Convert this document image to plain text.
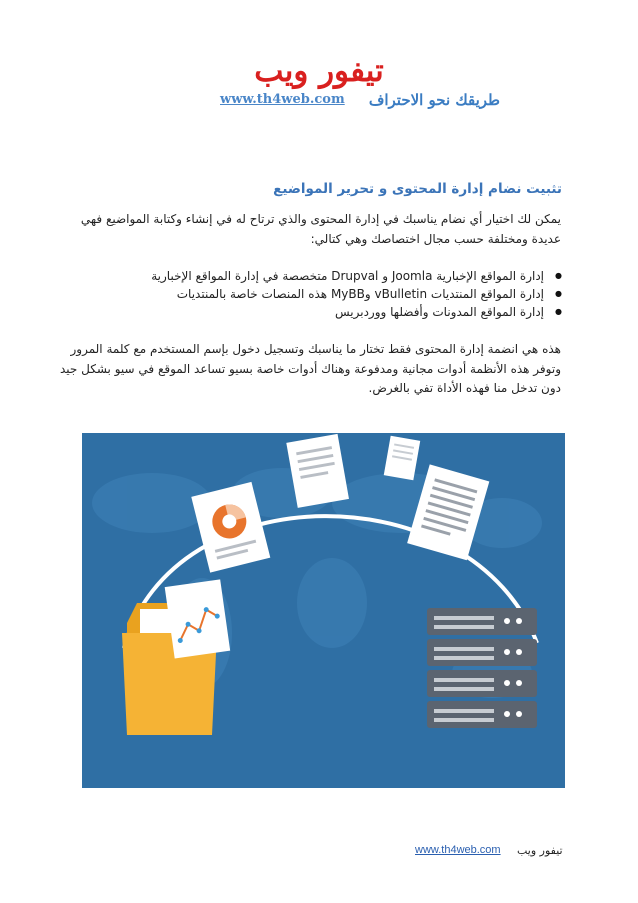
تيفور ويب
www.th4web.com طريقك نحو الاحتراف
تثبيت نضام إدارة المحتوى و تحرير المواضيع
يمكن لك اختيار أي نضام يناسبك في إدارة المحتوى والذي ترتاح له في إنشاء وكتابة المواضيع فهي عديدة ومختلفة حسب مجال اختصاصك وهي كتالي:
● إدارة المواقع الإخبارية Joomla و Drupval متخصصة في إدارة المواقع الإخبارية
● إدارة المواقع المنتديات vBulletin وMyBB هذه المنصات خاصة بالمنتديات
● إدارة المواقع المدونات وأفضلها ووردبريس
هذه هي انضمة إدارة المحتوى فقط تختار ما يناسبك وتسجيل دخول بإسم المستخدم مع كلمة المرور وتوفر هذه الأنظمة أدوات مجانية ومدفوعة وهناك أدوات خاصة بسيو تساعد الموقع في سيو بشكل جيد دون تدخل منا فهذه الأداة تفي بالغرض.
www.th4web.com تيفور ويب
